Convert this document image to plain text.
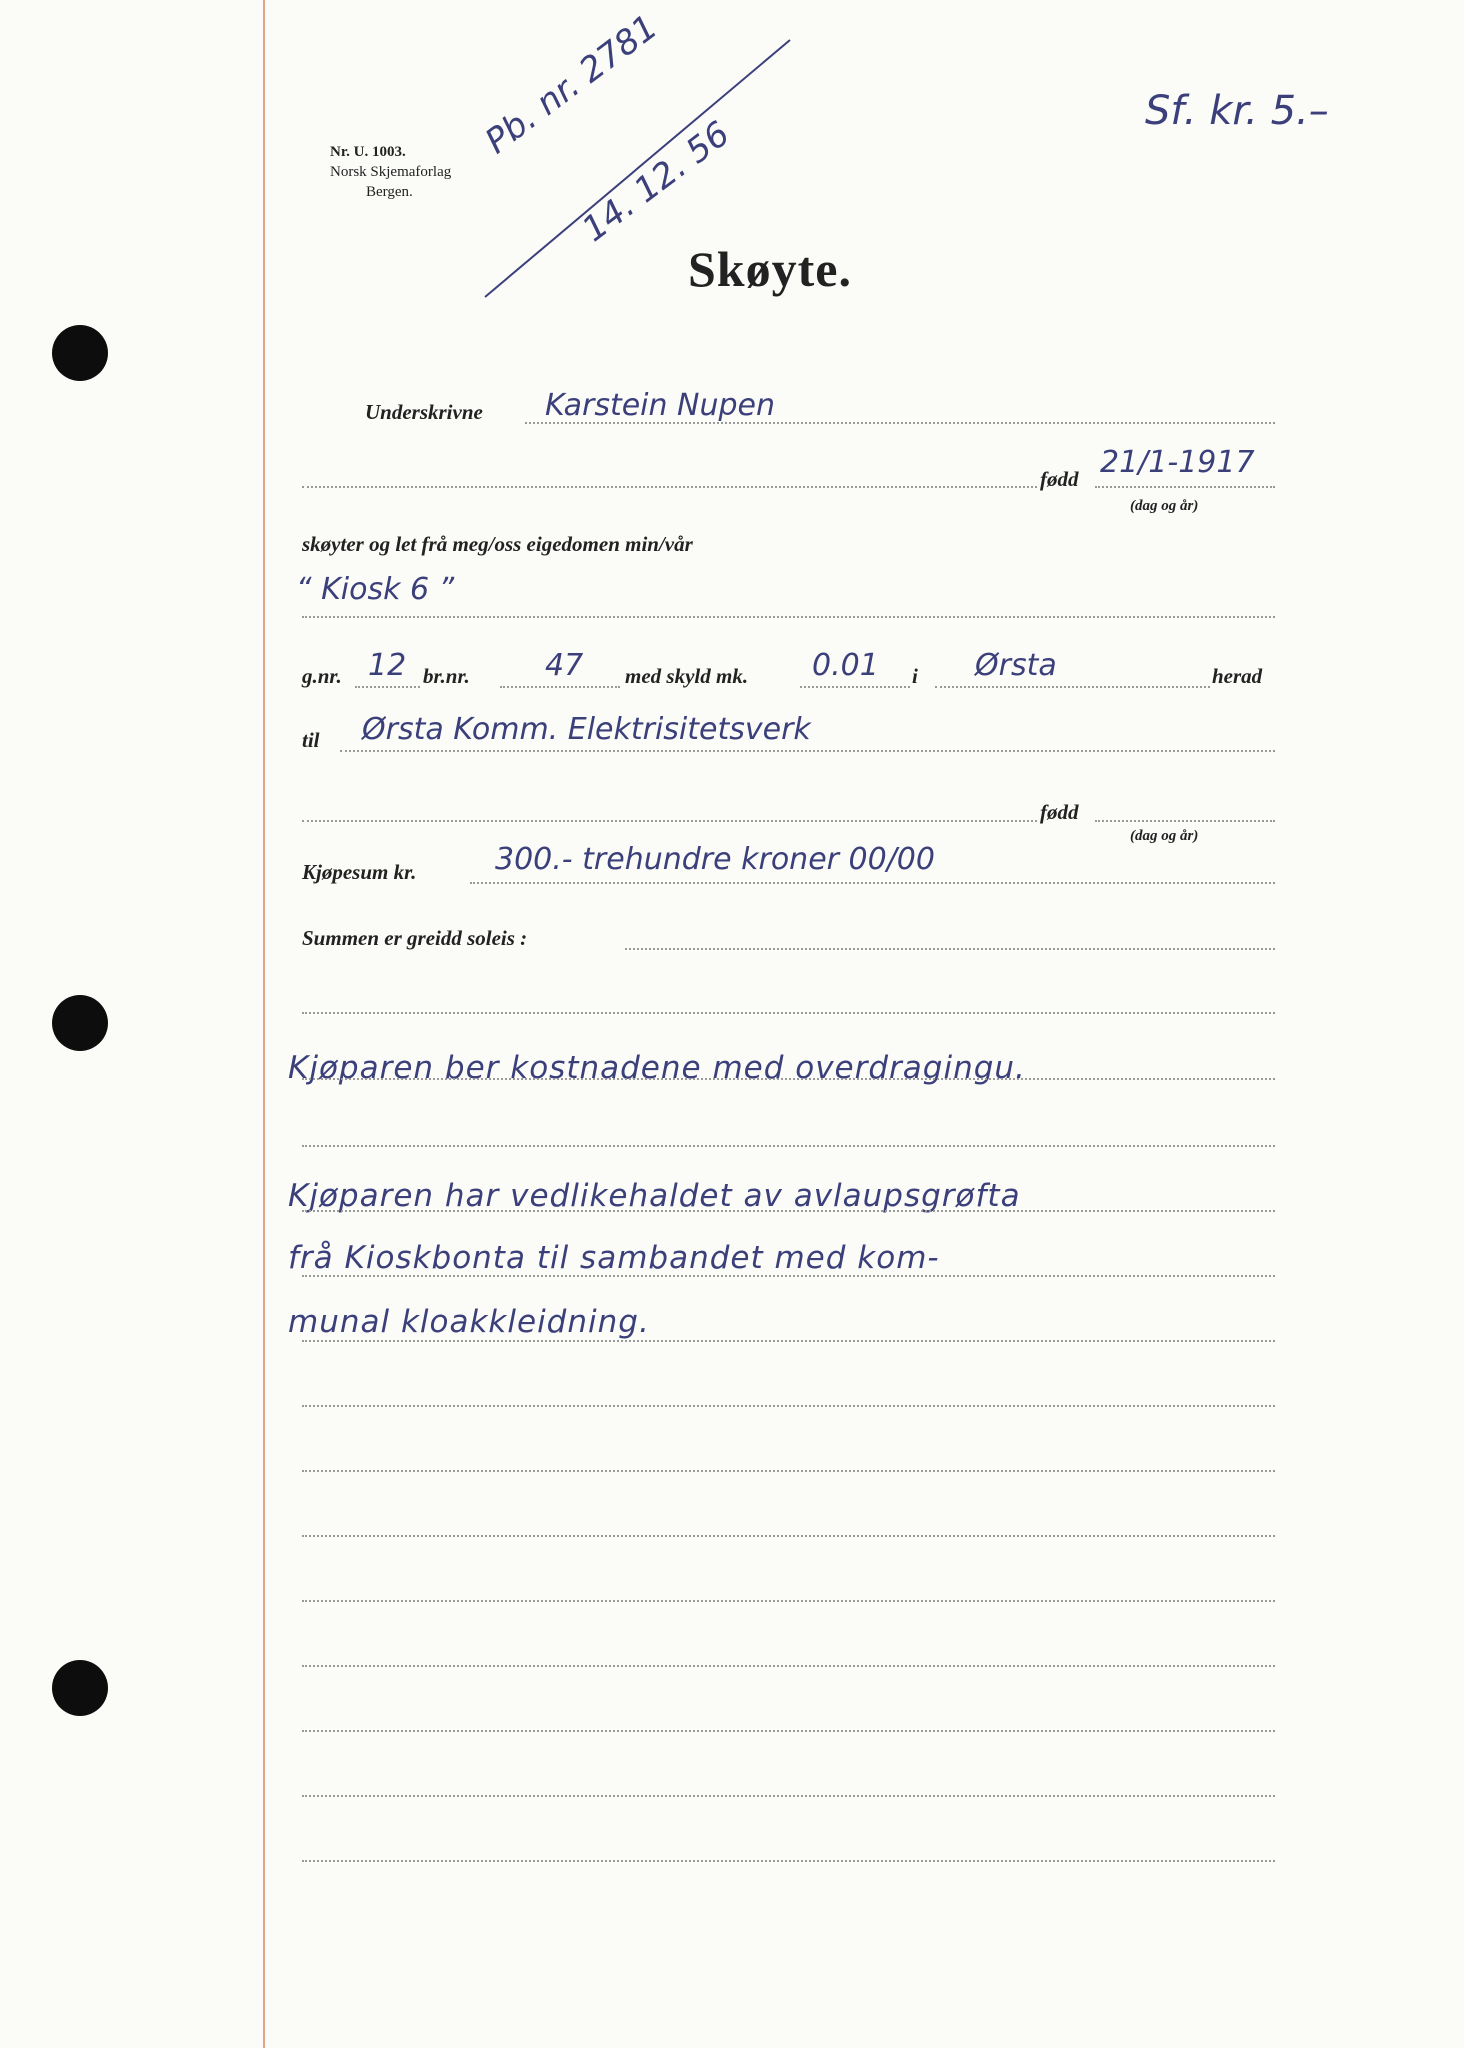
Nr. U. 1003.
Norsk Skjemaforlag
Bergen.
Pb. nr. 2781
14. 12. 56
Sf. kr. 5.–
Skøyte.
Underskrivne Karstein Nupen
fødd 21/1-1917
(dag og år)
skøyter og let frå meg/oss eigedomen min/vår
“ Kiosk 6 ”
g.nr. 12 br.nr.	47 med skyld mk. 0.01 i Ørsta	herad
til Ørsta Komm. Elektrisitetsverk
fødd
(dag og år)
Kjøpesum kr.	300.- trehundre kroner 00/00
Summen er greidd soleis :
Kjøparen ber kostnadene med overdragingu.
Kjøparen har vedlikehaldet av avlaupsgrøfta
frå Kioskbonta til sambandet med kom-
munal kloakkleidning.
